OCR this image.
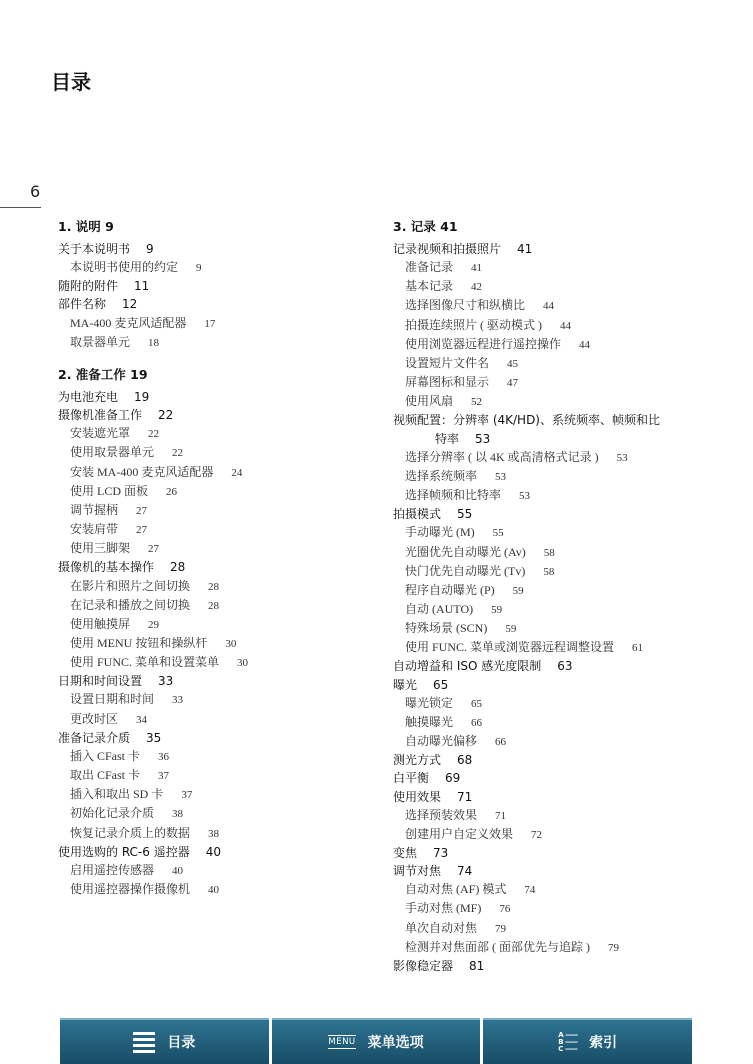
目录
6
1. 说明 9
关于本说明书 9
本说明书使用的约定 9
随附的附件 11
部件名称 12
MA-400 麦克风适配器 17
取景器单元 18
2. 准备工作 19
为电池充电 19
摄像机准备工作 22
安装遮光罩 22
使用取景器单元 22
安装 MA-400 麦克风适配器 24
使用 LCD 面板 26
调节握柄 27
安装肩带 27
使用三脚架 27
摄像机的基本操作 28
在影片和照片之间切换 28
在记录和播放之间切换 28
使用触摸屏 29
使用 MENU 按钮和操纵杆 30
使用 FUNC. 菜单和设置菜单 30
日期和时间设置 33
设置日期和时间 33
更改时区 34
准备记录介质 35
插入 CFast 卡 36
取出 CFast 卡 37
插入和取出 SD 卡 37
初始化记录介质 38
恢复记录介质上的数据 38
使用选购的 RC-6 遥控器 40
启用遥控传感器 40
使用遥控器操作摄像机 40
3. 记录 41
记录视频和拍摄照片 41
准备记录 41
基本记录 42
选择图像尺寸和纵横比 44
拍摄连续照片 ( 驱动模式 ) 44
使用浏览器远程进行遥控操作 44
设置短片文件名 45
屏幕图标和显示 47
使用风扇 52
视频配置：分辨率 (4K/HD)、系统频率、帧频和比
特率 53
选择分辨率 ( 以 4K 或高清格式记录 ) 53
选择系统频率 53
选择帧频和比特率 53
拍摄模式 55
手动曝光 (M) 55
光圈优先自动曝光 (Av) 58
快门优先自动曝光 (Tv) 58
程序自动曝光 (P) 59
自动 (AUTO) 59
特殊场景 (SCN) 59
使用 FUNC. 菜单或浏览器远程调整设置 61
自动增益和 ISO 感光度限制 63
曝光 65
曝光锁定 65
触摸曝光 66
自动曝光偏移 66
测光方式 68
白平衡 69
使用效果 71
选择预装效果 71
创建用户自定义效果 72
变焦 73
调节对焦 74
自动对焦 (AF) 模式 74
手动对焦 (MF) 76
单次自动对焦 79
检测并对焦面部 ( 面部优先与追踪 ) 79
影像稳定器 81
目录	MENU 菜单选项
A ——
B ——
C ——	索引
